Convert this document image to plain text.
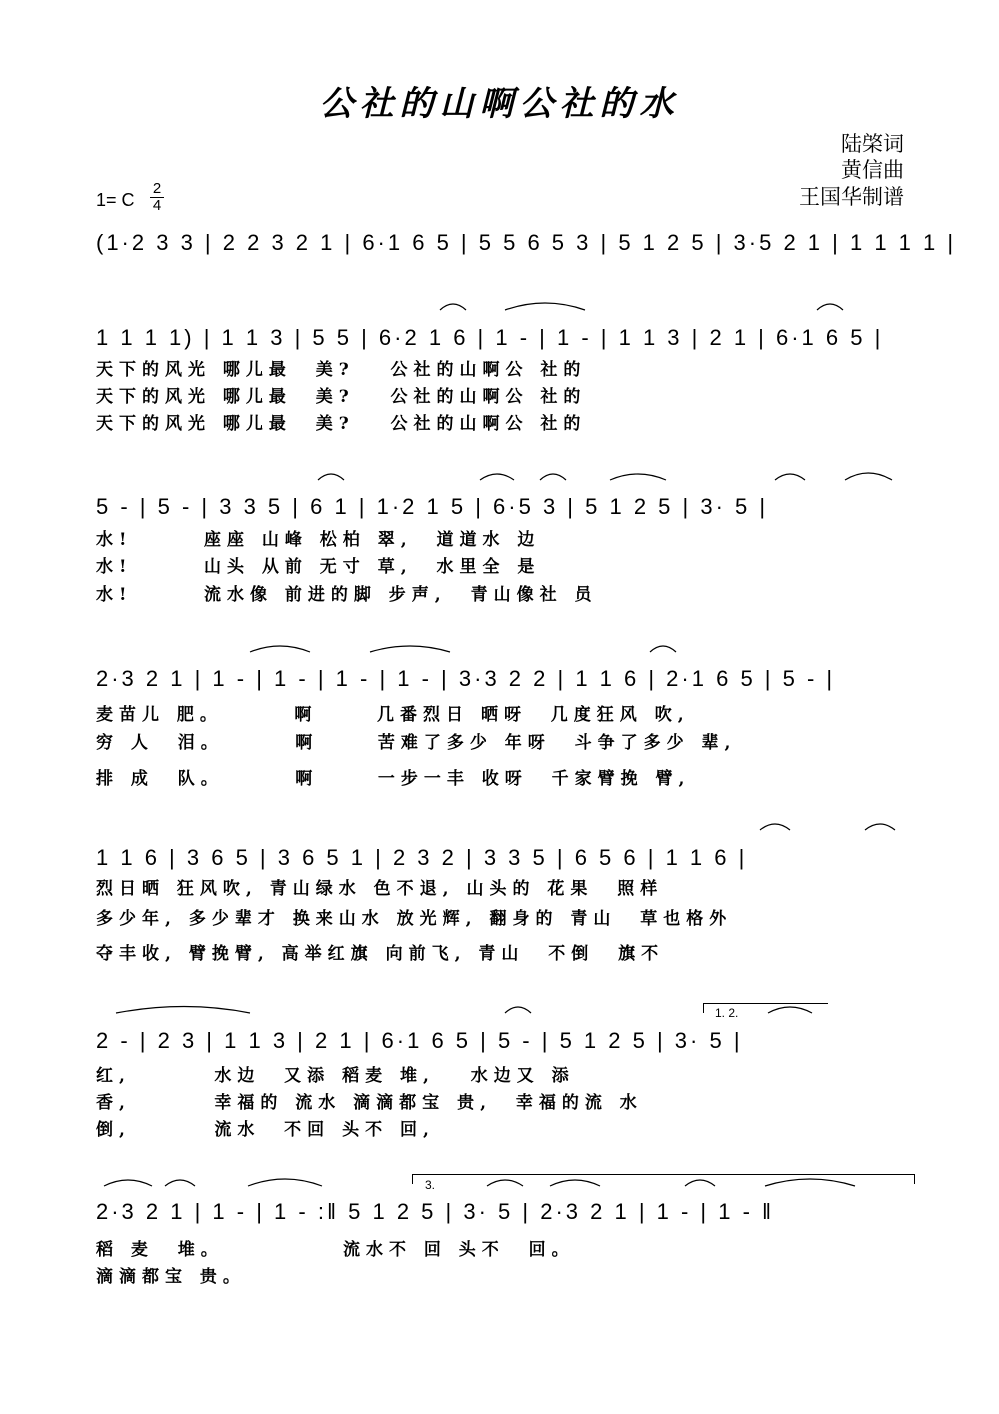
公社的山啊公社的水
陆棨词
黄信曲
王国华制谱
1= C
2
4
(1·2 3 3 | 2 2 3 2 1 | 6·1 6 5 | 5 5 6 5 3 | 5 1 2 5 | 3·5 2 1 | 1 1 1 1 |
1 1 1 1) | 1 1 3 | 5 5 | 6·2 1 6 | 1 - | 1 - | 1 1 3 | 2 1 | 6·1 6 5 |
天下的风光 哪儿最  美?   公社的山啊公 社的
天下的风光 哪儿最  美?   公社的山啊公 社的
天下的风光 哪儿最  美?   公社的山啊公 社的
5 - | 5 - | 3 3 5 | 6 1 | 1·2 1 5 | 6·5 3 | 5 1 2 5 | 3· 5 |
水!      座座 山峰 松柏 翠,  道道水 边
水!      山头 从前 无寸 草,  水里全 是
水!      流水像 前进的脚 步声,  青山像社 员
2·3 2 1 | 1 - | 1 - | 1 - | 1 - | 3·3 2 2 | 1 1 6 | 2·1 6 5 | 5 - |
麦苗儿 肥。      啊     几番烈日 晒呀  几度狂风 吹,
穷 人  泪。      啊     苦难了多少 年呀  斗争了多少 辈,
排 成  队。      啊     一步一丰 收呀  千家臂挽 臂,
1 1 6 | 3 6 5 | 3 6 5 1 | 2 3 2 | 3 3 5 | 6 5 6 | 1 1 6 |
烈日晒 狂风吹, 青山绿水 色不退, 山头的 花果  照样
多少年, 多少辈才 换来山水 放光辉, 翻身的 青山  草也格外
夺丰收, 臂挽臂, 高举红旗 向前飞, 青山  不倒  旗不
1. 2.
2 - | 2 3 | 1 1 3 | 2 1 | 6·1 6 5 | 5 - | 5 1 2 5 | 3· 5 |
红,       水边  又添 稻麦 堆,   水边又 添
香,       幸福的 流水 滴滴都宝 贵,  幸福的流 水
倒,       流水  不回 头不 回,
3.
2·3 2 1 | 1 - | 1 - :‖ 5 1 2 5 | 3· 5 | 2·3 2 1 | 1 - | 1 - ‖
稻 麦  堆。          流水不 回 头不  回。
滴滴都宝 贵。
